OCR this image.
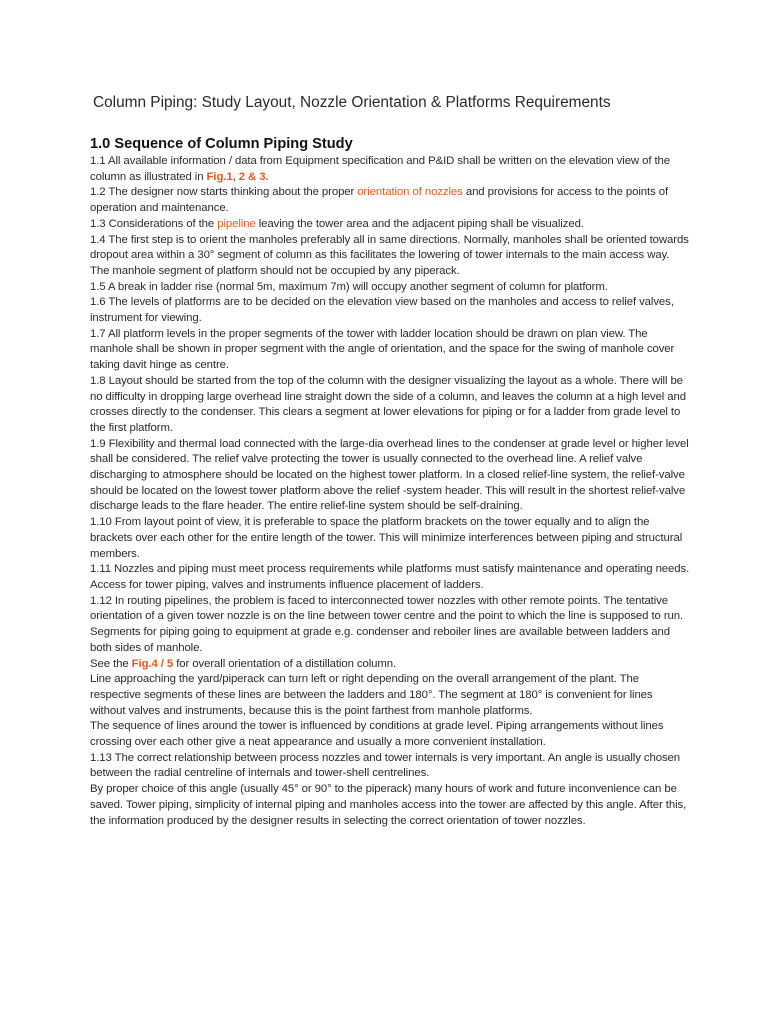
Column Piping: Study Layout, Nozzle Orientation & Platforms Requirements
1.0 Sequence of Column Piping Study

1.1 All available information / data from Equipment specification and P&ID shall be written on the elevation view of the column as illustrated in Fig.1, 2 & 3.

1.2 The designer now starts thinking about the proper orientation of nozzles and provisions for access to the points of operation and maintenance.

1.3 Considerations of the pipeline leaving the tower area and the adjacent piping shall be visualized.

1.4 The first step is to orient the manholes preferably all in same directions. Normally, manholes shall be oriented towards dropout area within a 30° segment of column as this facilitates the lowering of tower internals to the main access way. The manhole segment of platform should not be occupied by any piperack.

1.5 A break in ladder rise (normal 5m, maximum 7m) will occupy another segment of column for platform.

1.6 The levels of platforms are to be decided on the elevation view based on the manholes and access to relief valves, instrument for viewing.

1.7 All platform levels in the proper segments of the tower with ladder location should be drawn on plan view. The manhole shall be shown in proper segment with the angle of orientation, and the space for the swing of manhole cover taking davit hinge as centre.

1.8 Layout should be started from the top of the column with the designer visualizing the layout as a whole. There will be no difficulty in dropping large overhead line straight down the side of a column, and leaves the column at a high level and crosses directly to the condenser. This clears a segment at lower elevations for piping or for a ladder from grade level to the first platform.

1.9 Flexibility and thermal load connected with the large-dia overhead lines to the condenser at grade level or higher level shall be considered. The relief valve protecting the tower is usually connected to the overhead line. A relief valve discharging to atmosphere should be located on the highest tower platform. In a closed relief-line system, the relief-valve should be located on the lowest tower platform above the relief -system header. This will result in the shortest relief-valve discharge leads to the flare header. The entire relief-line system should be self-draining.

1.10 From layout point of view, it is preferable to space the platform brackets on the tower equally and to align the brackets over each other for the entire length of the tower. This will minimize interferences between piping and structural members.

1.11 Nozzles and piping must meet process requirements while platforms must satisfy maintenance and operating needs. Access for tower piping, valves and instruments influence placement of ladders.

1.12 In routing pipelines, the problem is faced to interconnected tower nozzles with other remote points. The tentative orientation of a given tower nozzle is on the line between tower centre and the point to which the line is supposed to run. Segments for piping going to equipment at grade e.g. condenser and reboiler lines are available between ladders and both sides of manhole.

See the Fig.4 / 5 for overall orientation of a distillation column.

Line approaching the yard/piperack can turn left or right depending on the overall arrangement of the plant. The respective segments of these lines are between the ladders and 180°. The segment at 180° is convenient for lines without valves and instruments, because this is the point farthest from manhole platforms.

The sequence of lines around the tower is influenced by conditions at grade level. Piping arrangements without lines crossing over each other give a neat appearance and usually a more convenient installation.

1.13 The correct relationship between process nozzles and tower internals is very important. An angle is usually chosen between the radial centreline of internals and tower-shell centrelines.

By proper choice of this angle (usually 45° or 90° to the piperack) many hours of work and future inconvenience can be saved. Tower piping, simplicity of internal piping and manholes access into the tower are affected by this angle. After this, the information produced by the designer results in selecting the correct orientation of tower nozzles.
